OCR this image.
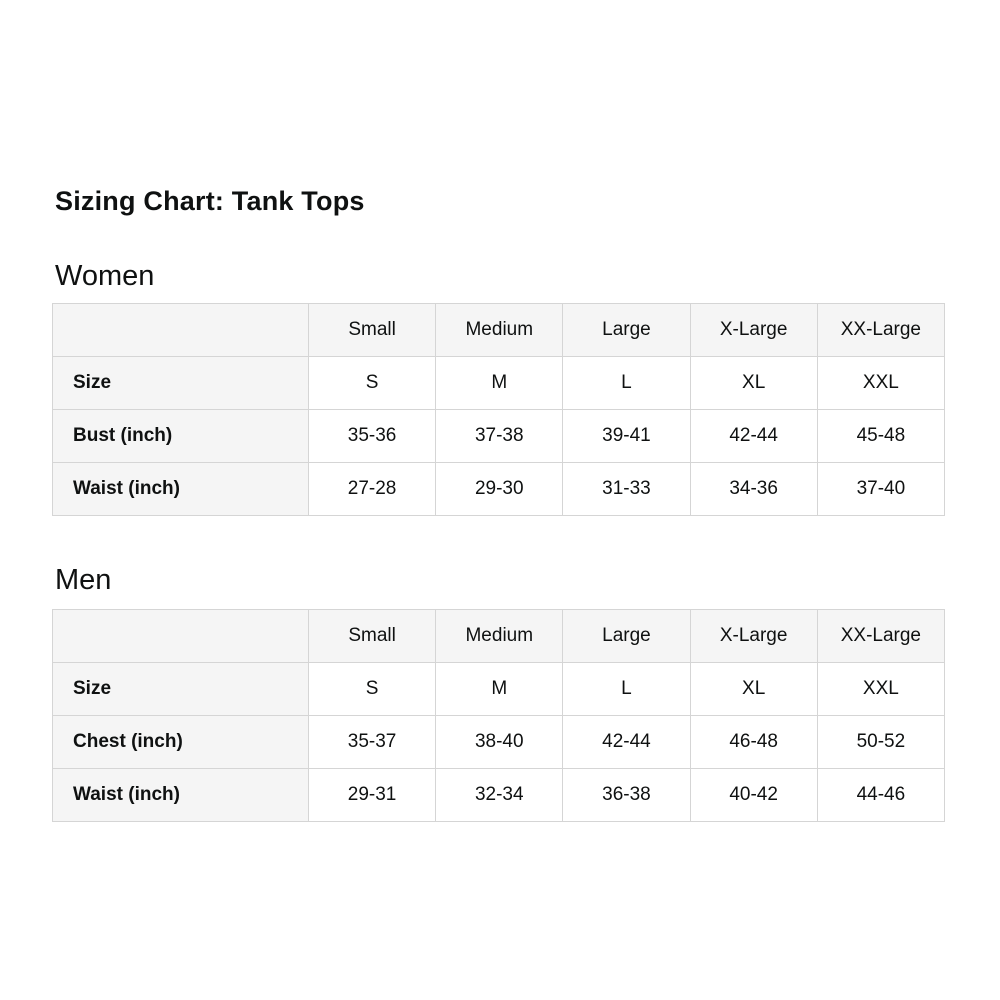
Sizing Chart: Tank Tops
Women
	Small	Medium	Large	X-Large	XX-Large
Size	S	M	L	XL	XXL
Bust (inch)	35-36	37-38	39-41	42-44	45-48
Waist (inch)	27-28	29-30	31-33	34-36	37-40
Men
	Small	Medium	Large	X-Large	XX-Large
Size	S	M	L	XL	XXL
Chest (inch)	35-37	38-40	42-44	46-48	50-52
Waist (inch)	29-31	32-34	36-38	40-42	44-46
